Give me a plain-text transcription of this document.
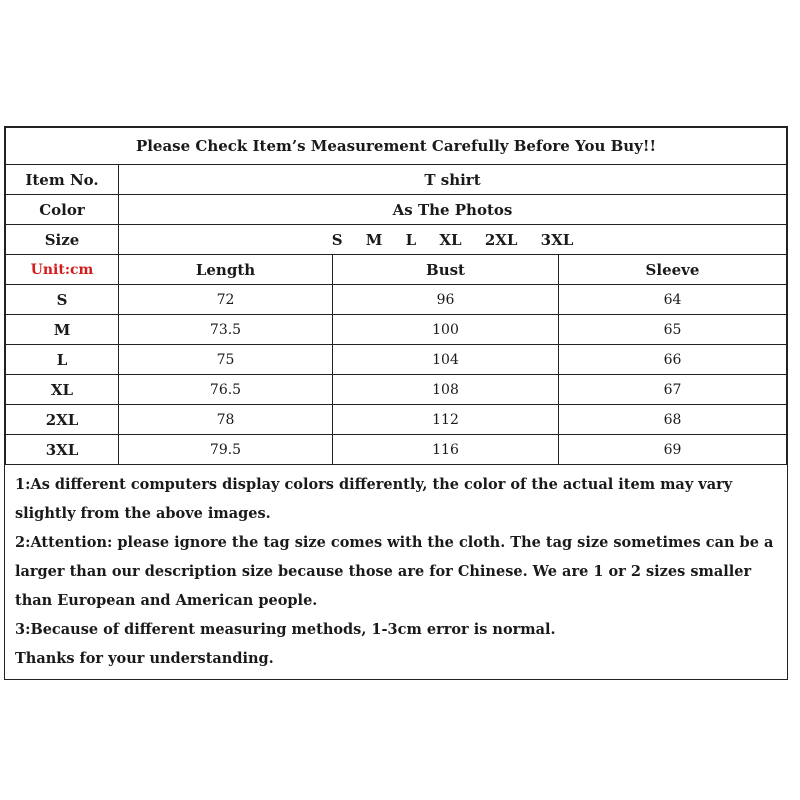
Please Check Item’s Measurement Carefully Before You Buy!!			
Item No.	T shirt		
Color	As The Photos		
Size	S M L XL 2XL 3XL		
Unit:cm	Length	Bust	Sleeve
S	72	96	64
M	73.5	100	65
L	75	104	66
XL	76.5	108	67
2XL	78	112	68
3XL	79.5	116	69

1:As different computers display colors differently, the color of the actual item may vary slightly from the above images.

2:Attention: please ignore the tag size comes with the cloth. The tag size sometimes can be a larger than our description size because those are for Chinese. We are 1 or 2 sizes smaller than European and American people.

3:Because of different measuring methods, 1-3cm error is normal.

Thanks for your understanding.
